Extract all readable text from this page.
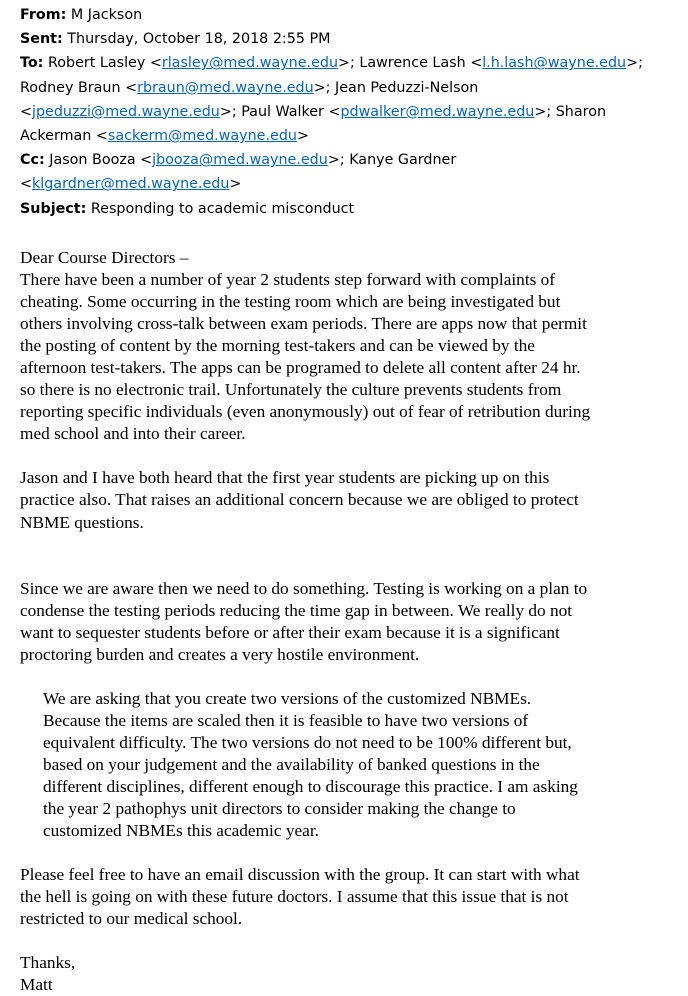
From: M Jackson

Sent: Thursday, October 18, 2018 2:55 PM

To: Robert Lasley <rlasley@med.wayne.edu>; Lawrence Lash <l.h.lash@wayne.edu>; Rodney Braun <rbraun@med.wayne.edu>; Jean Peduzzi-Nelson <jpeduzzi@med.wayne.edu>; Paul Walker <pdwalker@med.wayne.edu>; Sharon Ackerman <sackerm@med.wayne.edu>
Cc: Jason Booza <jbooza@med.wayne.edu>; Kanye Gardner <klgardner@med.wayne.edu>

Subject: Responding to academic misconduct

Dear Course Directors –

There have been a number of year 2 students step forward with complaints of
cheating. Some occurring in the testing room which are being investigated but
others involving cross-talk between exam periods. There are apps now that permit
the posting of content by the morning test-takers and can be viewed by the
afternoon test-takers. The apps can be programed to delete all content after 24 hr.
so there is no electronic trail. Unfortunately the culture prevents students from
reporting specific individuals (even anonymously) out of fear of retribution during
med school and into their career.
Jason and I have both heard that the first year students are picking up on this
practice also. That raises an additional concern because we are obliged to protect
NBME questions.
Since we are aware then we need to do something. Testing is working on a plan to
condense the testing periods reducing the time gap in between. We really do not
want to sequester students before or after their exam because it is a significant
proctoring burden and creates a very hostile environment.
We are asking that you create two versions of the customized NBMEs.
Because the items are scaled then it is feasible to have two versions of
equivalent difficulty. The two versions do not need to be 100% different but,
based on your judgement and the availability of banked questions in the
different disciplines, different enough to discourage this practice. I am asking
the year 2 pathophys unit directors to consider making the change to
customized NBMEs this academic year.
Please feel free to have an email discussion with the group. It can start with what
the hell is going on with these future doctors. I assume that this issue that is not
restricted to our medical school.

Thanks,

Matt
